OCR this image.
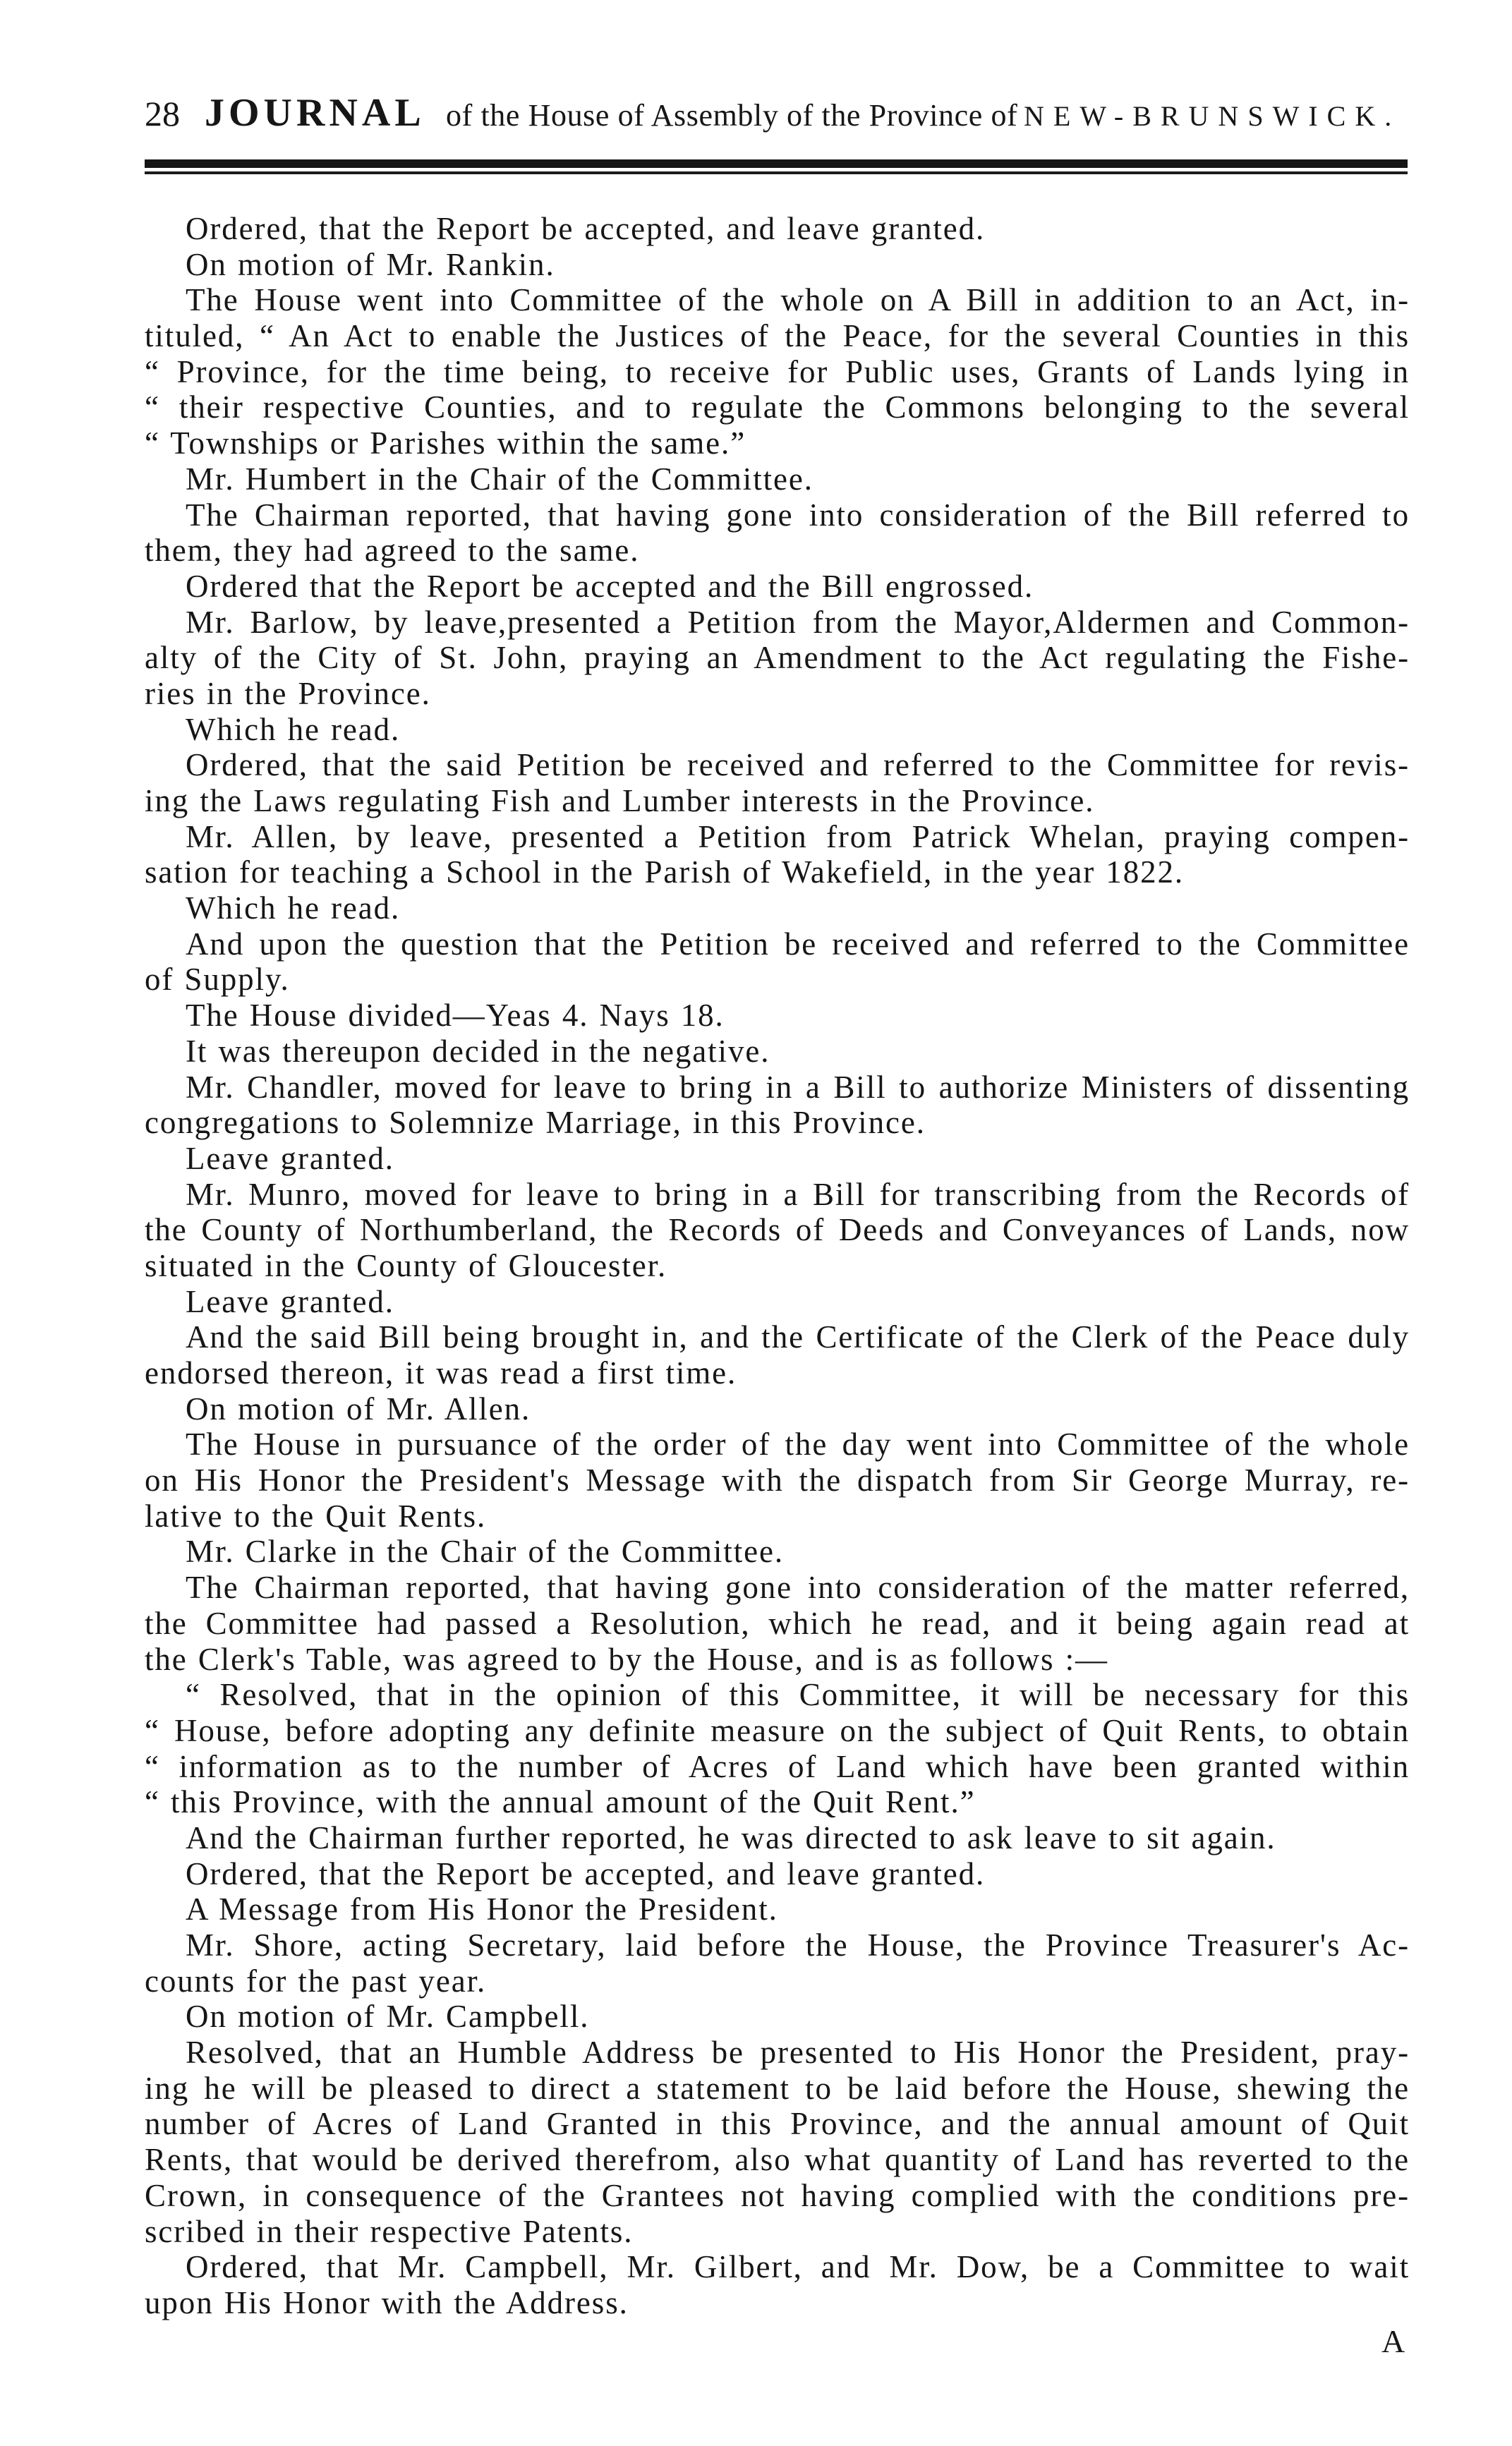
28 JOURNAL of the House of Assembly of the Province of NEW-BRUNSWICK.
Ordered, that the Report be accepted, and leave granted.
On motion of Mr. Rankin.
The House went into Committee of the whole on A Bill in addition to an Act, in-
tituled, “ An Act to enable the Justices of the Peace, for the several Counties in this
“ Province, for the time being, to receive for Public uses, Grants of Lands lying in
“ their respective Counties, and to regulate the Commons belonging to the several
“ Townships or Parishes within the same.”
Mr. Humbert in the Chair of the Committee.
The Chairman reported, that having gone into consideration of the Bill referred to
them, they had agreed to the same.
Ordered that the Report be accepted and the Bill engrossed.
Mr. Barlow, by leave,presented a Petition from the Mayor,Aldermen and Common-
alty of the City of St. John, praying an Amendment to the Act regulating the Fishe-
ries in the Province.
Which he read.
Ordered, that the said Petition be received and referred to the Committee for revis-
ing the Laws regulating Fish and Lumber interests in the Province.
Mr. Allen, by leave, presented a Petition from Patrick Whelan, praying compen-
sation for teaching a School in the Parish of Wakefield, in the year 1822.
Which he read.
And upon the question that the Petition be received and referred to the Committee
of Supply.
The House divided—Yeas 4. Nays 18.
It was thereupon decided in the negative.
Mr. Chandler, moved for leave to bring in a Bill to authorize Ministers of dissenting
congregations to Solemnize Marriage, in this Province.
Leave granted.
Mr. Munro, moved for leave to bring in a Bill for transcribing from the Records of
the County of Northumberland, the Records of Deeds and Conveyances of Lands, now
situated in the County of Gloucester.
Leave granted.
And the said Bill being brought in, and the Certificate of the Clerk of the Peace duly
endorsed thereon, it was read a first time.
On motion of Mr. Allen.
The House in pursuance of the order of the day went into Committee of the whole
on His Honor the President's Message with the dispatch from Sir George Murray, re-
lative to the Quit Rents.
Mr. Clarke in the Chair of the Committee.
The Chairman reported, that having gone into consideration of the matter referred,
the Committee had passed a Resolution, which he read, and it being again read at
the Clerk's Table, was agreed to by the House, and is as follows :—
“ Resolved, that in the opinion of this Committee, it will be necessary for this
“ House, before adopting any definite measure on the subject of Quit Rents, to obtain
“ information as to the number of Acres of Land which have been granted within
“ this Province, with the annual amount of the Quit Rent.”
And the Chairman further reported, he was directed to ask leave to sit again.
Ordered, that the Report be accepted, and leave granted.
A Message from His Honor the President.
Mr. Shore, acting Secretary, laid before the House, the Province Treasurer's Ac-
counts for the past year.
On motion of Mr. Campbell.
Resolved, that an Humble Address be presented to His Honor the President, pray-
ing he will be pleased to direct a statement to be laid before the House, shewing the
number of Acres of Land Granted in this Province, and the annual amount of Quit
Rents, that would be derived therefrom, also what quantity of Land has reverted to the
Crown, in consequence of the Grantees not having complied with the conditions pre-
scribed in their respective Patents.
Ordered, that Mr. Campbell, Mr. Gilbert, and Mr. Dow, be a Committee to wait
upon His Honor with the Address.
A
